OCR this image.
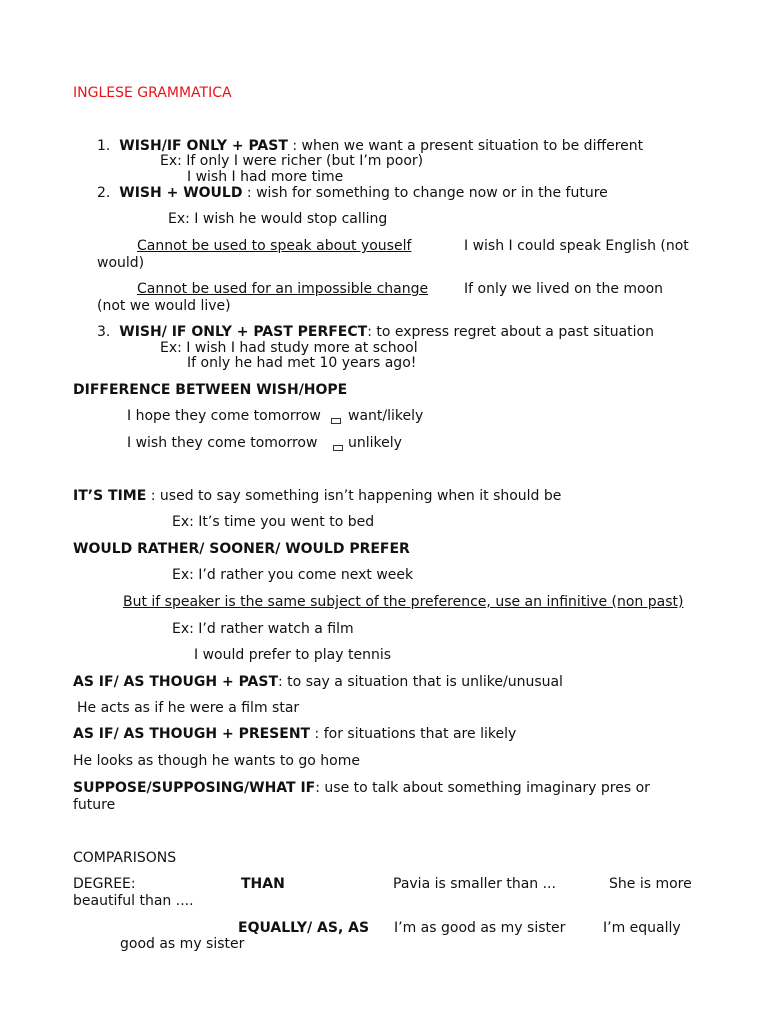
INGLESE GRAMMATICA
1. WISH/IF ONLY + PAST : when we want a present situation to be different
Ex: If only I were richer (but I’m poor)
I wish I had more time
2. WISH + WOULD : wish for something to change now or in the future
Ex: I wish he would stop calling
Cannot be used to speak about youself	I wish I could speak English (not
would)
Cannot be used for an impossible change	If only we lived on the moon
(not we would live)
3. WISH/ IF ONLY + PAST PERFECT: to express regret about a past situation
Ex: I wish I had study more at school
If only he had met 10 years ago!
DIFFERENCE BETWEEN WISH/HOPE
I hope they come tomorrow want/likely
I wish they come tomorrow unlikely
IT’S TIME : used to say something isn’t happening when it should be
Ex: It’s time you went to bed
WOULD RATHER/ SOONER/ WOULD PREFER
Ex: I’d rather you come next week
But if speaker is the same subject of the preference, use an infinitive (non past)
Ex: I’d rather watch a film
I would prefer to play tennis
AS IF/ AS THOUGH + PAST: to say a situation that is unlike/unusual
He acts as if he were a film star
AS IF/ AS THOUGH + PRESENT : for situations that are likely
He looks as though he wants to go home
SUPPOSE/SUPPOSING/WHAT IF: use to talk about something imaginary pres or
future
COMPARISONS
DEGREE:	THAN	Pavia is smaller than ...	She is more
beautiful than ....
EQUALLY/ AS, AS I’m as good as my sister	I’m equally
good as my sister
